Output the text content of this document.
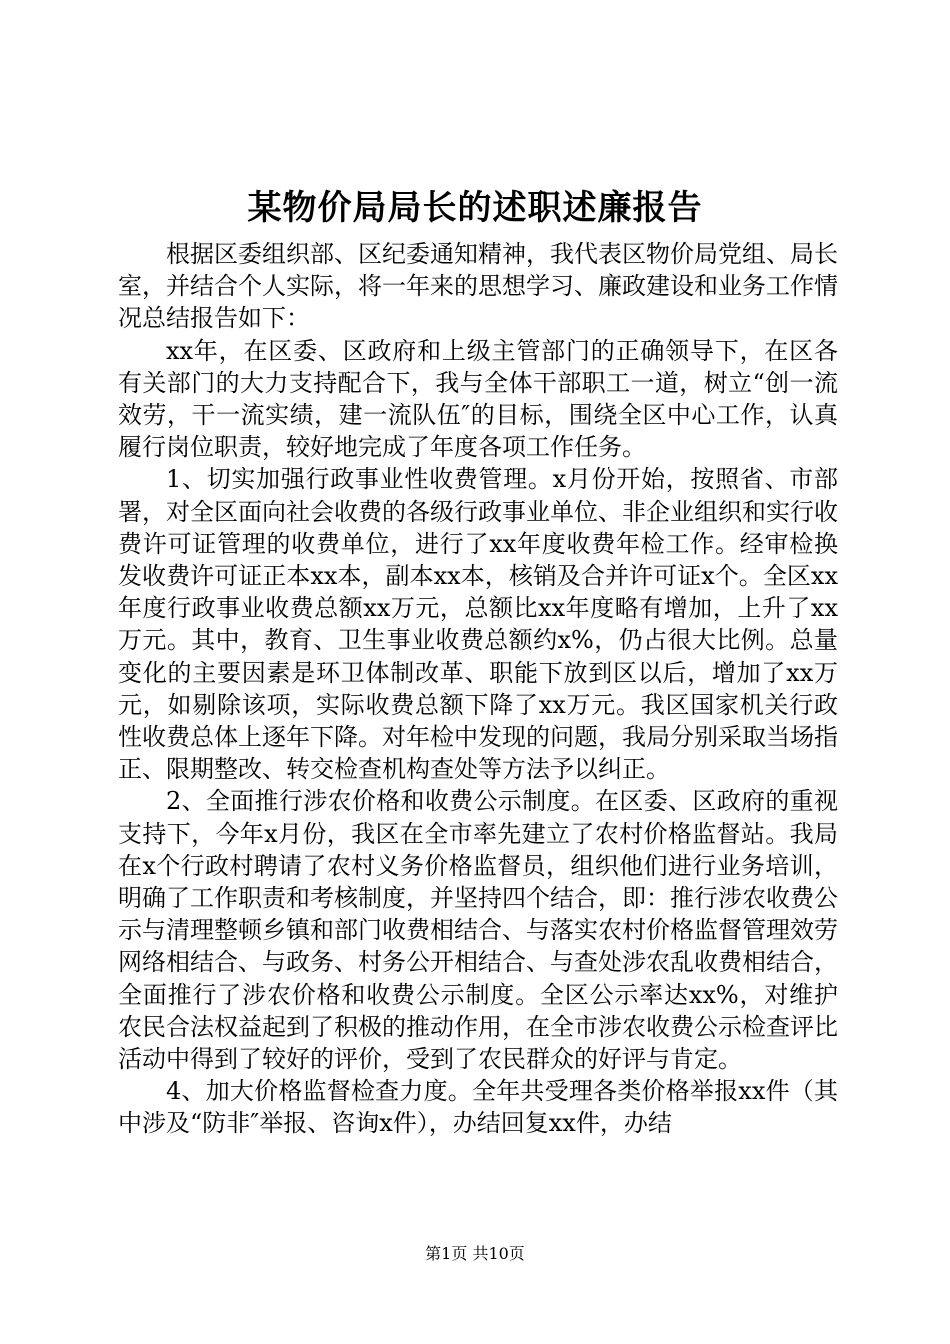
某物价局局长的述职述廉报告

根据区委组织部、区纪委通知精神，我代表区物价局党组、局长室，并结合个人实际，将一年来的思想学习、廉政建设和业务工作情况总结报告如下：

xx年，在区委、区政府和上级主管部门的正确领导下，在区各有关部门的大力支持配合下，我与全体干部职工一道，树立“创一流效劳，干一流实绩，建一流队伍″的目标，围绕全区中心工作，认真履行岗位职责，较好地完成了年度各项工作任务。

1、切实加强行政事业性收费管理。x月份开始，按照省、市部署，对全区面向社会收费的各级行政事业单位、非企业组织和实行收费许可证管理的收费单位，进行了xx年度收费年检工作。经审检换发收费许可证正本xx本，副本xx本，核销及合并许可证x个。全区xx年度行政事业收费总额xx万元，总额比xx年度略有增加，上升了xx万元。其中，教育、卫生事业收费总额约x%，仍占很大比例。总量变化的主要因素是环卫体制改革、职能下放到区以后，增加了xx万元，如剔除该项，实际收费总额下降了xx万元。我区国家机关行政性收费总体上逐年下降。对年检中发现的问题，我局分别采取当场指正、限期整改、转交检查机构查处等方法予以纠正。

2、全面推行涉农价格和收费公示制度。在区委、区政府的重视支持下，今年x月份，我区在全市率先建立了农村价格监督站。我局在x个行政村聘请了农村义务价格监督员，组织他们进行业务培训，明确了工作职责和考核制度，并坚持四个结合，即：推行涉农收费公示与清理整顿乡镇和部门收费相结合、与落实农村价格监督管理效劳网络相结合、与政务、村务公开相结合、与查处涉农乱收费相结合，全面推行了涉农价格和收费公示制度。全区公示率达xx%，对维护农民合法权益起到了积极的推动作用，在全市涉农收费公示检查评比活动中得到了较好的评价，受到了农民群众的好评与肯定。

4、加大价格监督检查力度。全年共受理各类价格举报xx件（其中涉及“防非″举报、咨询x件），办结回复xx件，办结

第1页 共10页
